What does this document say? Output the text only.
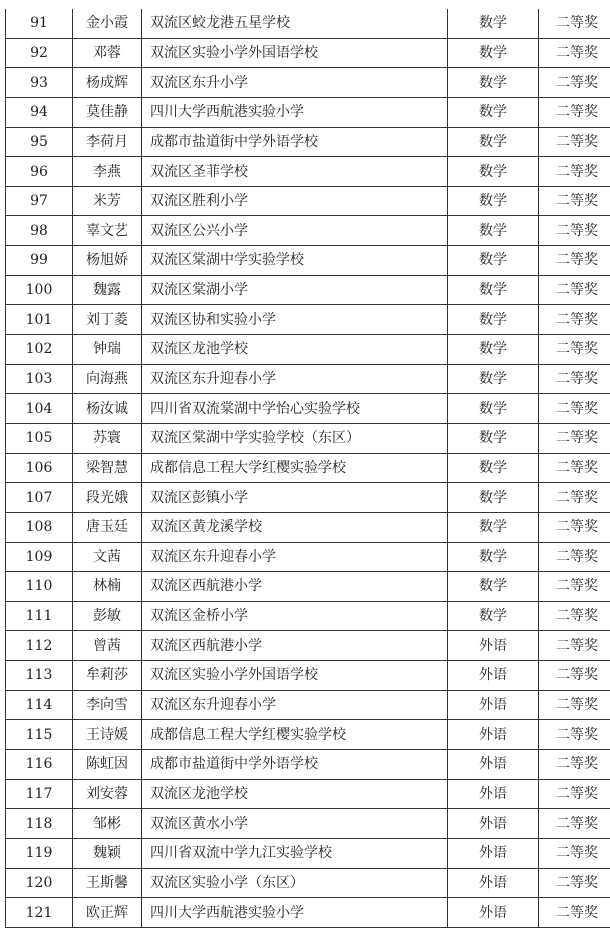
91	金小霞	双流区蛟龙港五星学校	数学	二等奖
92	邓蓉	双流区实验小学外国语学校	数学	二等奖
93	杨成辉	双流区东升小学	数学	二等奖
94	莫佳静	四川大学西航港实验小学	数学	二等奖
95	李荷月	成都市盐道街中学外语学校	数学	二等奖
96	李燕	双流区圣菲学校	数学	二等奖
97	米芳	双流区胜利小学	数学	二等奖
98	辜文艺	双流区公兴小学	数学	二等奖
99	杨旭娇	双流区棠湖中学实验学校	数学	二等奖
100	魏露	双流区棠湖小学	数学	二等奖
101	刘丁菱	双流区协和实验小学	数学	二等奖
102	钟瑞	双流区龙池学校	数学	二等奖
103	向海燕	双流区东升迎春小学	数学	二等奖
104	杨汝诚	四川省双流棠湖中学怡心实验学校	数学	二等奖
105	苏寰	双流区棠湖中学实验学校（东区）	数学	二等奖
106	梁智慧	成都信息工程大学红樱实验学校	数学	二等奖
107	段光娥	双流区彭镇小学	数学	二等奖
108	唐玉廷	双流区黄龙溪学校	数学	二等奖
109	文茜	双流区东升迎春小学	数学	二等奖
110	林楠	双流区西航港小学	数学	二等奖
111	彭敏	双流区金桥小学	数学	二等奖
112	曾茜	双流区西航港小学	外语	二等奖
113	牟莉莎	双流区实验小学外国语学校	外语	二等奖
114	李向雪	双流区东升迎春小学	外语	二等奖
115	王诗媛	成都信息工程大学红樱实验学校	外语	二等奖
116	陈虹因	成都市盐道街中学外语学校	外语	二等奖
117	刘安蓉	双流区龙池学校	外语	二等奖
118	邹彬	双流区黄水小学	外语	二等奖
119	魏颖	四川省双流中学九江实验学校	外语	二等奖
120	王斯馨	双流区实验小学（东区）	外语	二等奖
121	欧正辉	四川大学西航港实验小学	外语	二等奖
